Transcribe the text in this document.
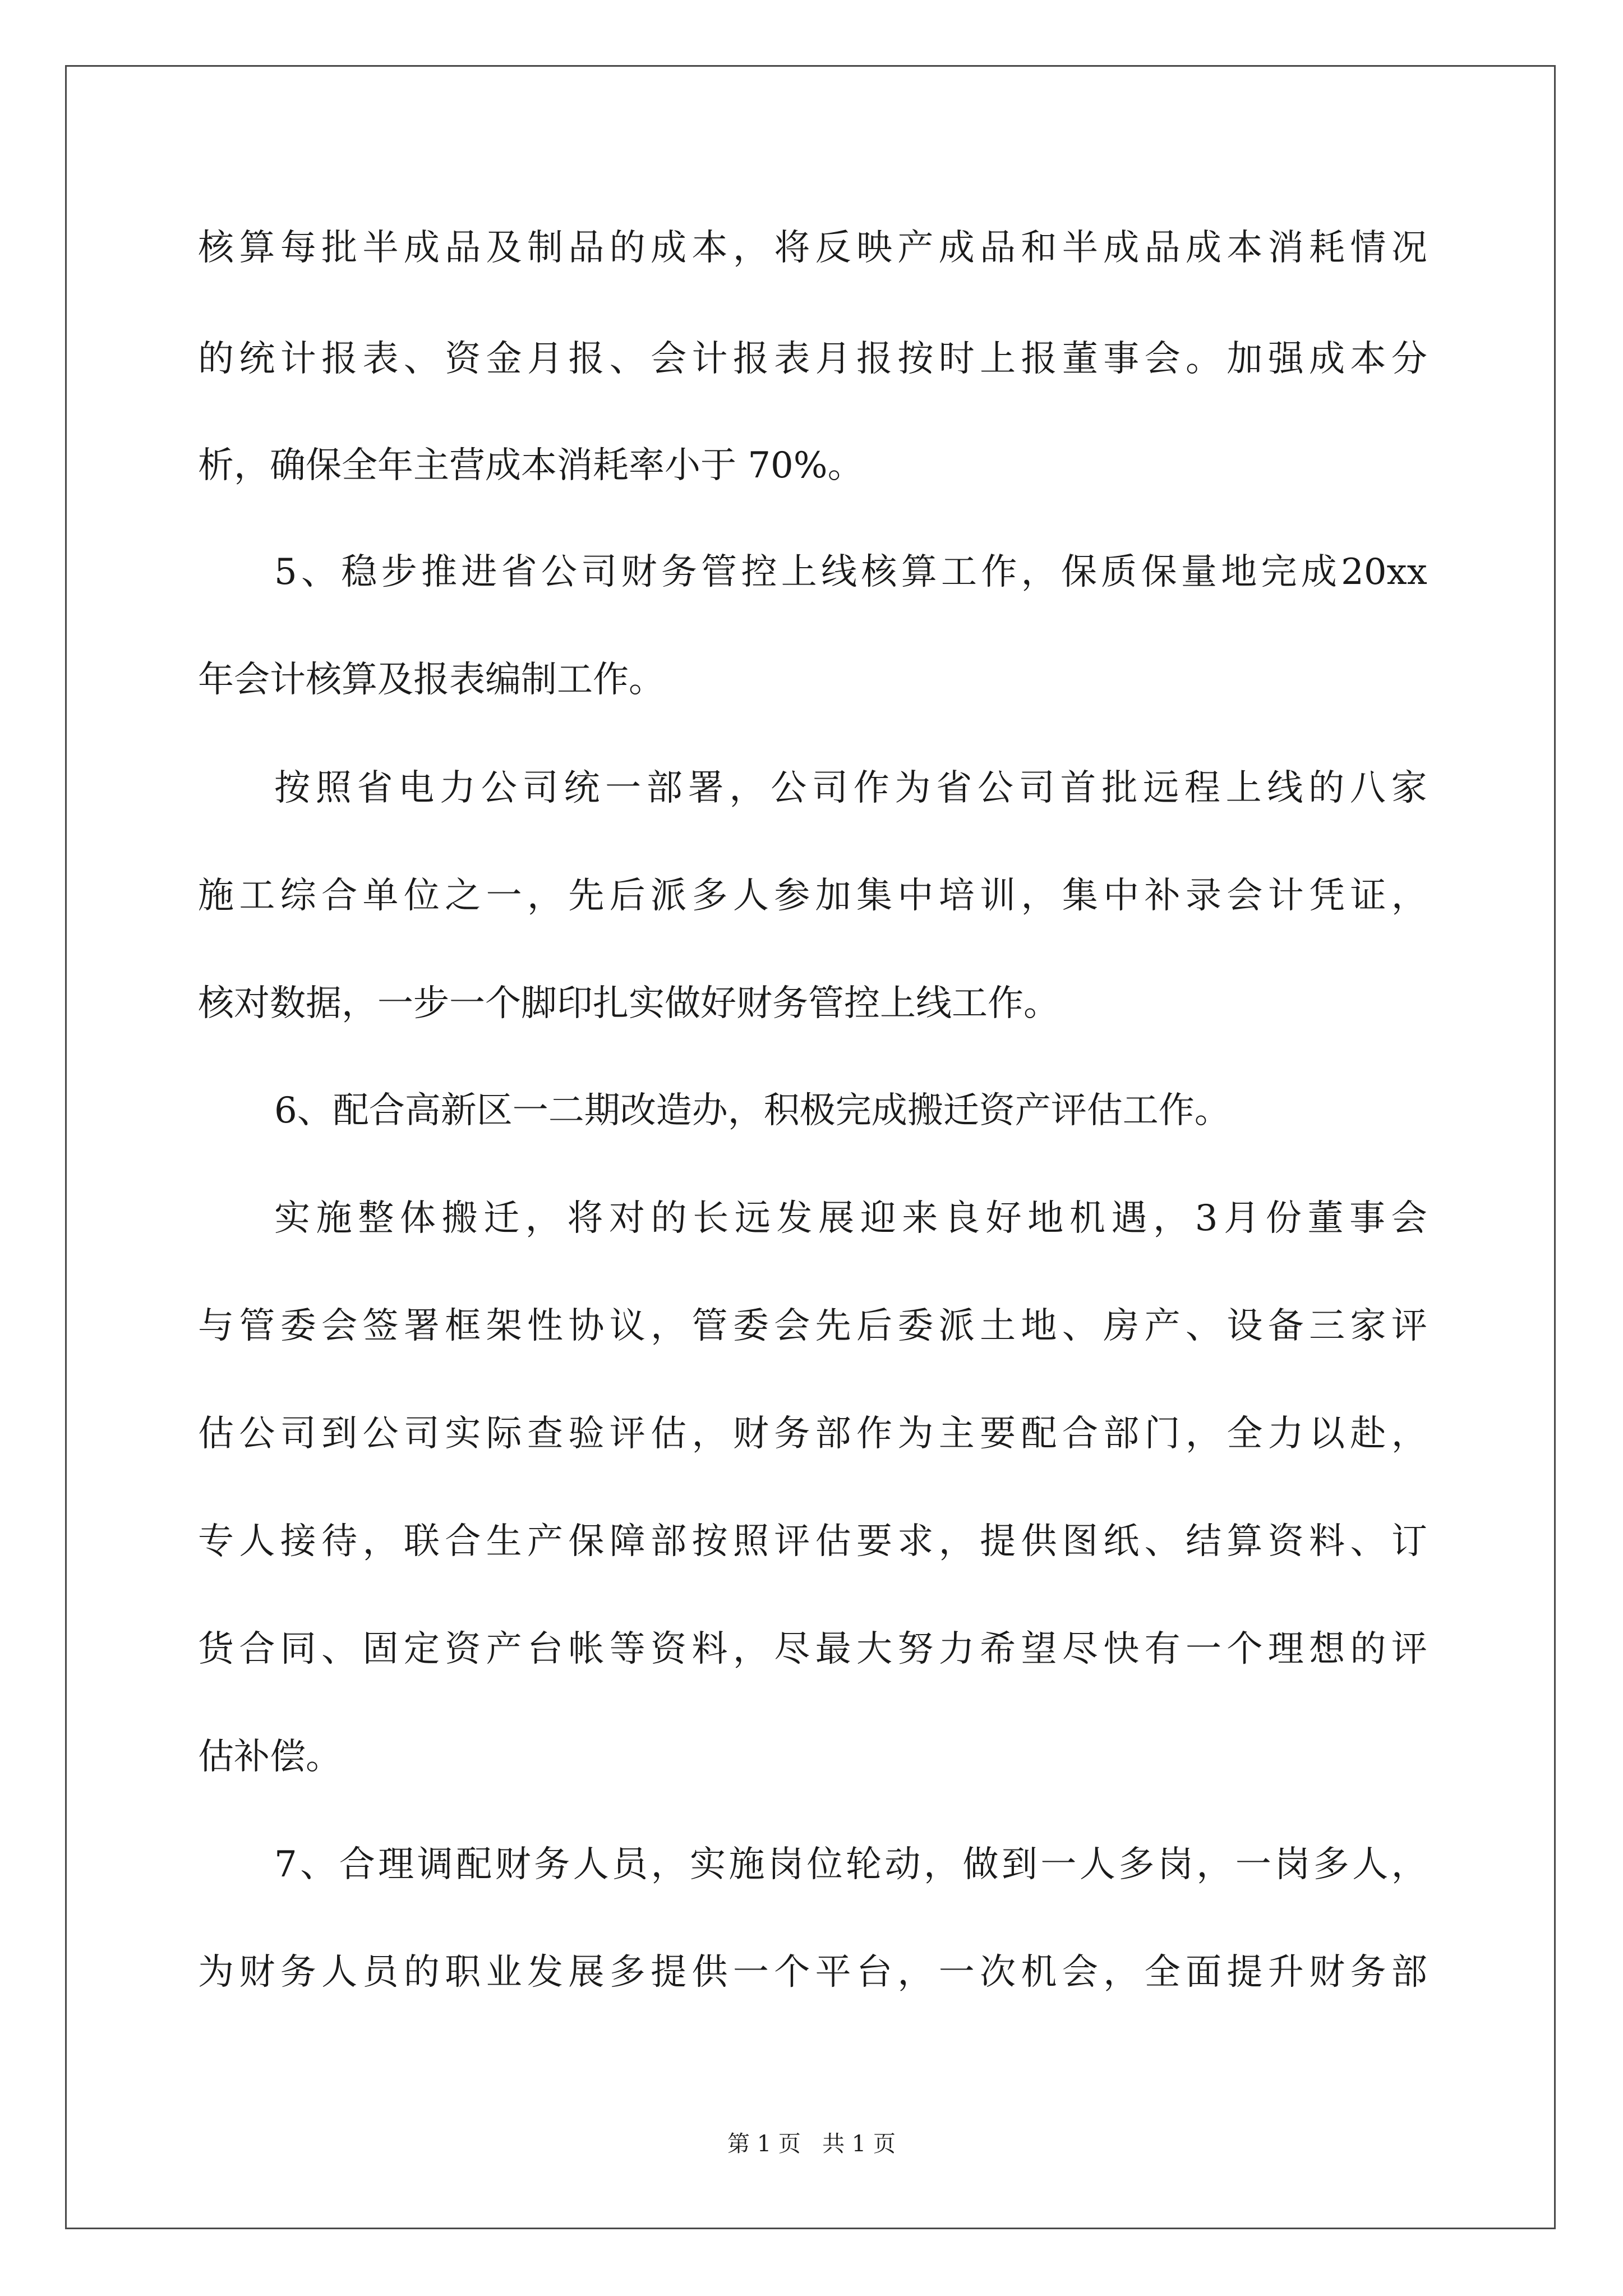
核 算 每 批 半 成 品 及 制 品 的 成 本 ， 将 反 映 产 成 品 和 半 成 品 成 本 消 耗 情 况

的 统 计 报 表 、 资 金 月 报 、 会 计 报 表 月 报 按 时 上 报 董 事 会 。 加 强 成 本 分

析，确保全年主营成本消耗率小于 70%。

5 、 稳 步 推 进 省 公 司 财 务 管 控 上 线 核 算 工 作 ， 保 质 保 量 地 完 成 20xx

年会计核算及报表编制工作。

按 照 省 电 力 公 司 统 一 部 署 ， 公 司 作 为 省 公 司 首 批 远 程 上 线 的 八 家

施 工 综 合 单 位 之 一 ， 先 后 派 多 人 参 加 集 中 培 训 ， 集 中 补 录 会 计 凭 证 ，

核对数据，一步一个脚印扎实做好财务管控上线工作。

6、配合高新区一二期改造办，积极完成搬迁资产评估工作。

实 施 整 体 搬 迁 ， 将 对 的 长 远 发 展 迎 来 良 好 地 机 遇 ， 3 月 份 董 事 会

与 管 委 会 签 署 框 架 性 协 议 ， 管 委 会 先 后 委 派 土 地 、 房 产 、 设 备 三 家 评

估 公 司 到 公 司 实 际 查 验 评 估 ， 财 务 部 作 为 主 要 配 合 部 门 ， 全 力 以 赴 ，

专 人 接 待 ， 联 合 生 产 保 障 部 按 照 评 估 要 求 ， 提 供 图 纸 、 结 算 资 料 、 订

货 合 同 、 固 定 资 产 台 帐 等 资 料 ， 尽 最 大 努 力 希 望 尽 快 有 一 个 理 想 的 评

估补偿。

7 、 合 理 调 配 财 务 人 员 ， 实 施 岗 位 轮 动 ， 做 到 一 人 多 岗 ， 一 岗 多 人 ，

为 财 务 人 员 的 职 业 发 展 多 提 供 一 个 平 台 ， 一 次 机 会 ， 全 面 提 升 财 务 部

第 1 页   共 1 页
